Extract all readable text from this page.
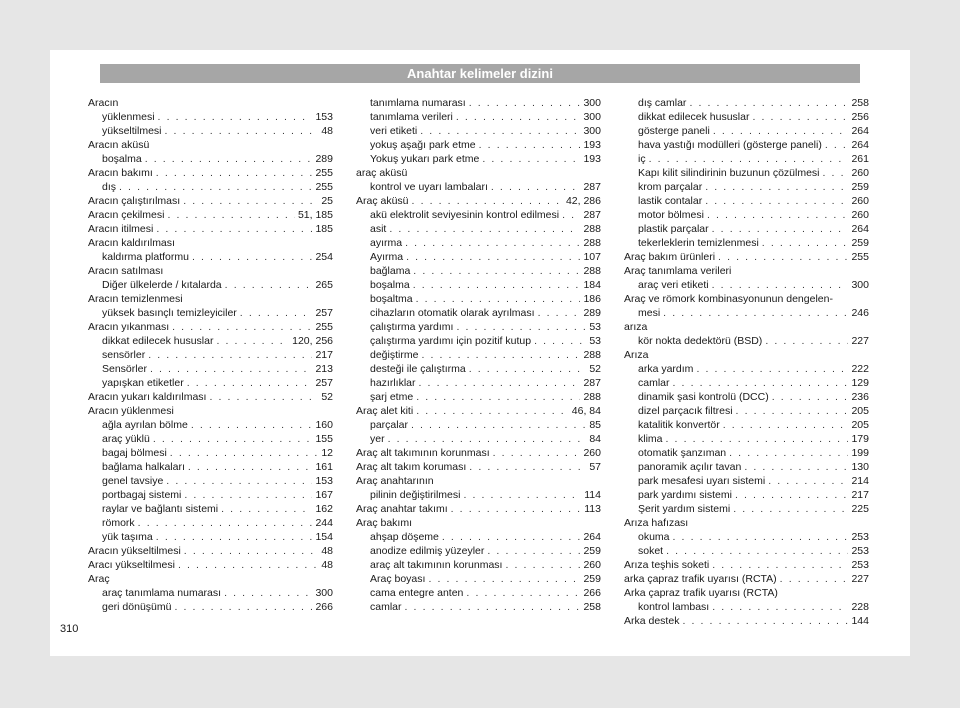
Anahtar kelimeler dizini
Aracın
yüklenmesi . . .	153
yükseltilmesi . . .	48
Aracın aküsü
boşalma . . .	289
Aracın bakımı . . .	255
dış . . .	255
Aracın çalıştırılması . . .	25
Aracın çekilmesi . . .	51, 185
Aracın itilmesi . . .	185
Aracın kaldırılması
kaldırma platformu . . .	254
Aracın satılması
Diğer ülkelerde / kıtalarda . . .	265
Aracın temizlenmesi
yüksek basınçlı temizleyiciler . . .	257
Aracın yıkanması . . .	255
dikkat edilecek hususlar . . .	120, 256
sensörler . . .	217
Sensörler . . .	213
yapışkan etiketler . . .	257
Aracın yukarı kaldırılması . . .	52
Aracın yüklenmesi
ağla ayrılan bölme . . .	160
araç yüklü . . .	155
bagaj bölmesi . . .	12
bağlama halkaları . . .	161
genel tavsiye . . .	153
portbagaj sistemi . . .	167
raylar ve bağlantı sistemi . . .	162
römork . . .	244
yük taşıma . . .	154
Aracın yükseltilmesi . . .	48
Aracı yükseltilmesi . . .	48
Araç
araç tanımlama numarası . . .	300
geri dönüşümü . . .	266
tanımlama numarası . . .	300
tanımlama verileri . . .	300
veri etiketi . . .	300
yokuş aşağı park etme . . .	193
Yokuş yukarı park etme . . .	193
araç aküsü
kontrol ve uyarı lambaları . . .	287
Araç aküsü . . .	42, 286
akü elektrolit seviyesinin kontrol edilmesi . . . 287
asit . . .	288
ayırma . . .	288
Ayırma . . .	107
bağlama . . .	288
boşalma . . .	184
boşaltma . . .	186
cihazların otomatik olarak ayrılması . . .	289
çalıştırma yardımı . . .	53
çalıştırma yardımı için pozitif kutup . . .	53
değiştirme . . .	288
desteği ile çalıştırma . . .	52
hazırlıklar . . .	287
şarj etme . . .	288
Araç alet kiti . . .	46, 84
parçalar . . .	85
yer . . .	84
Araç alt takımının korunması . . .	260
Araç alt takım koruması . . .	57
Araç anahtarının
pilinin değiştirilmesi . . .	114
Araç anahtar takımı . . .	113
Araç bakımı
ahşap döşeme . . .	264
anodize edilmiş yüzeyler . . .	259
araç alt takımının korunması . . .	260
Araç boyası . . .	259
cama entegre anten . . .	266
camlar . . .	258
dış camlar . . .	258
dikkat edilecek hususlar . . .	256
gösterge paneli . . .	264
hava yastığı modülleri (gösterge paneli) . . .	264
iç . . .	261
Kapı kilit silindirinin buzunun çözülmesi . . .	260
krom parçalar . . .	259
lastik contalar . . .	260
motor bölmesi . . .	260
plastik parçalar . . .	264
tekerleklerin temizlenmesi . . .	259
Araç bakım ürünleri . . .	255
Araç tanımlama verileri
araç veri etiketi . . .	300
Araç ve römork kombinasyonunun dengelen-
mesi . . .	246
arıza
kör nokta dedektörü (BSD) . . .	227
Arıza
arka yardım . . .	222
camlar . . .	129
dinamik şasi kontrolü (DCC) . . .	236
dizel parçacık filtresi . . .	205
katalitik konvertör . . .	205
klima . . .	179
otomatik şanzıman . . .	199
panoramik açılır tavan . . .	130
park mesafesi uyarı sistemi . . .	214
park yardımı sistemi . . .	217
Şerit yardım sistemi . . .	225
Arıza hafızası
okuma . . .	253
soket . . .	253
Arıza teşhis soketi . . .	253
arka çapraz trafik uyarısı (RCTA) . . .	227
Arka çapraz trafik uyarısı (RCTA)
kontrol lambası . . .	228
Arka destek . . .	144
310
